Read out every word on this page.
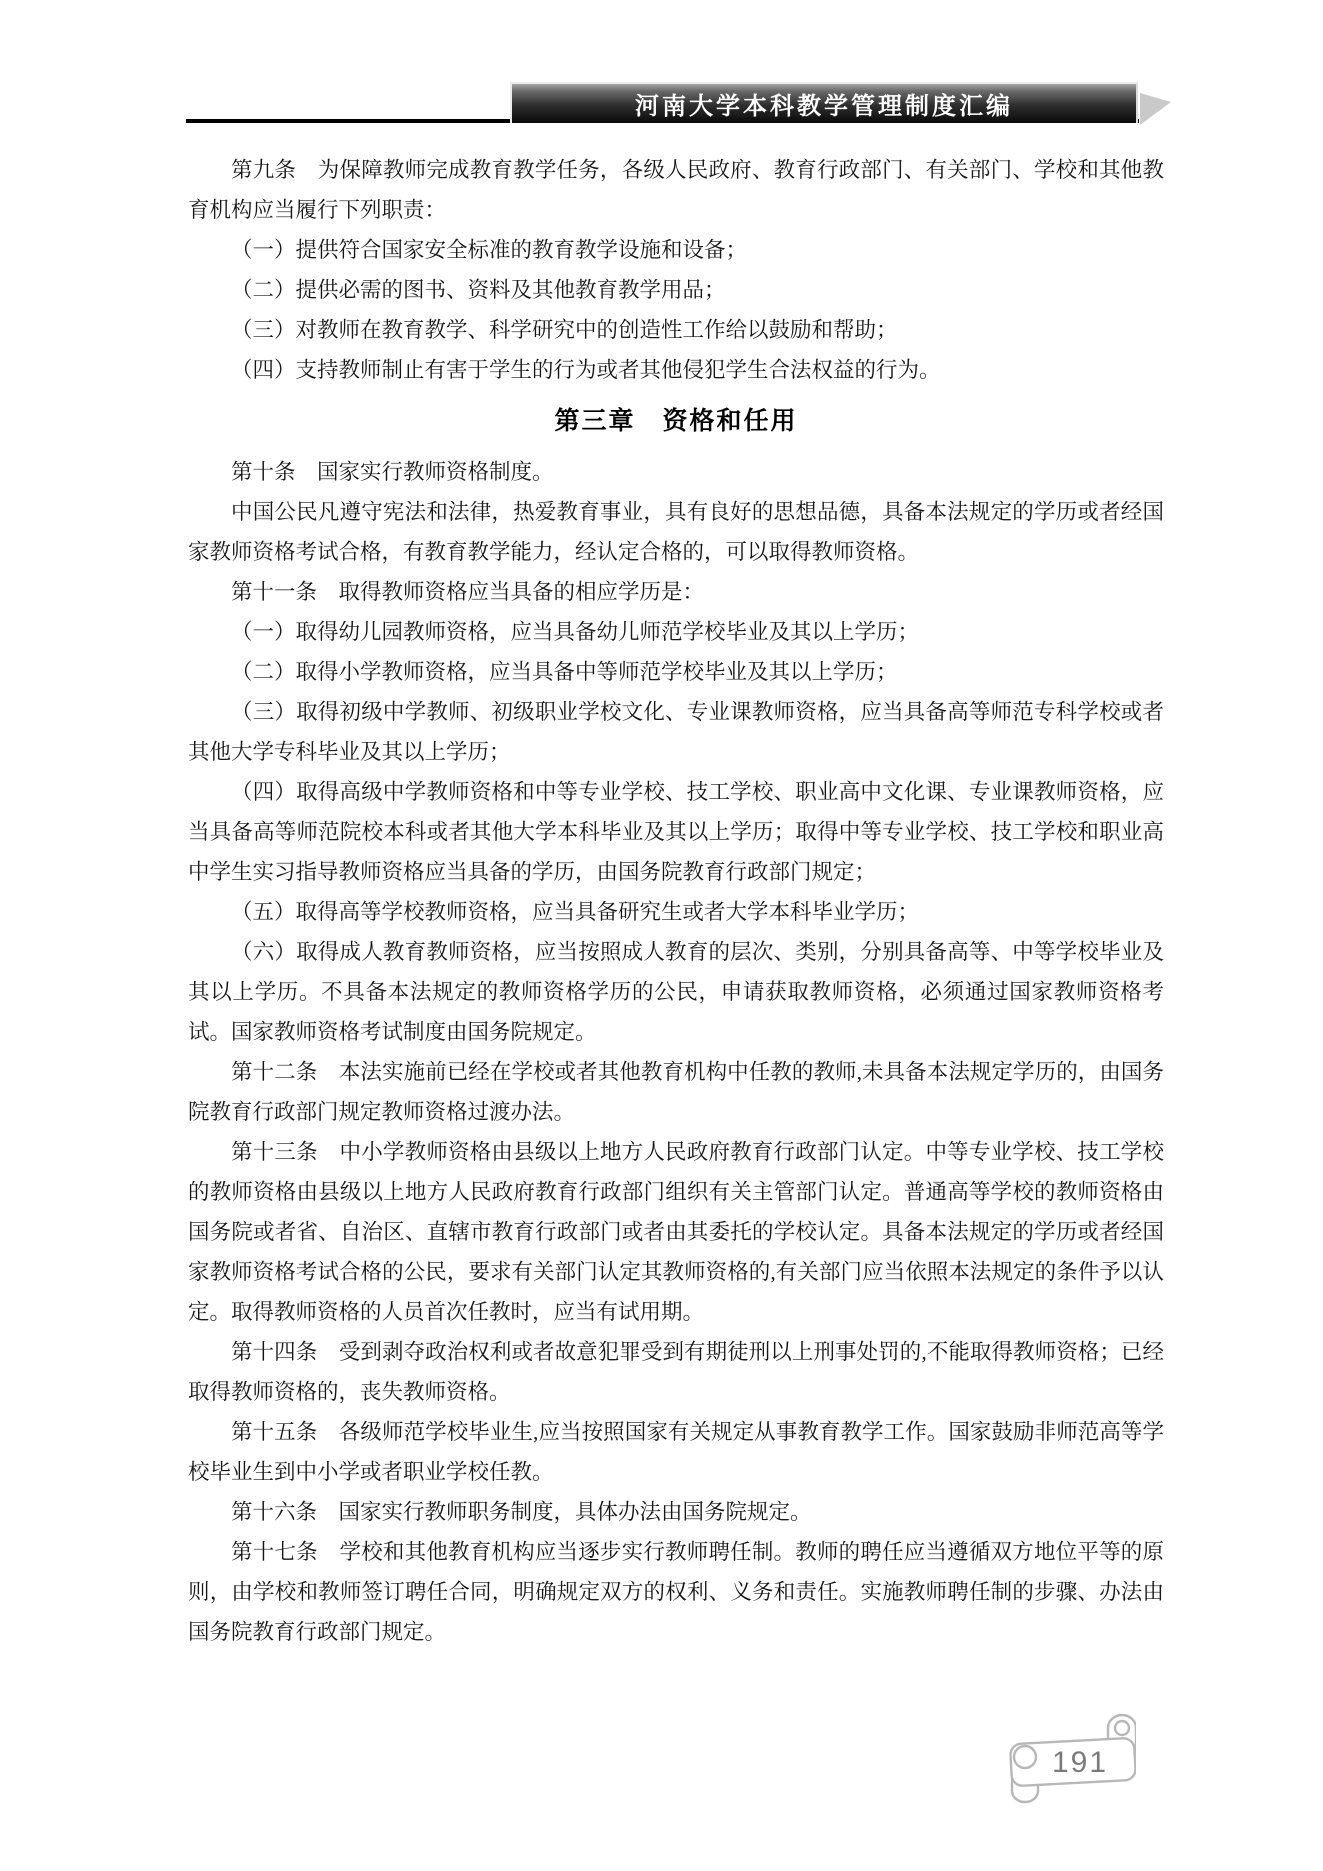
河南大学本科教学管理制度汇编

第九条　为保障教师完成教育教学任务，各级人民政府、教育行政部门、有关部门、学校和其他教育机构应当履行下列职责：

（一）提供符合国家安全标准的教育教学设施和设备；

（二）提供必需的图书、资料及其他教育教学用品；

（三）对教师在教育教学、科学研究中的创造性工作给以鼓励和帮助；

（四）支持教师制止有害于学生的行为或者其他侵犯学生合法权益的行为。

第三章　资格和任用

第十条　国家实行教师资格制度。

中国公民凡遵守宪法和法律，热爱教育事业，具有良好的思想品德，具备本法规定的学历或者经国家教师资格考试合格，有教育教学能力，经认定合格的，可以取得教师资格。

第十一条　取得教师资格应当具备的相应学历是：

（一）取得幼儿园教师资格，应当具备幼儿师范学校毕业及其以上学历；

（二）取得小学教师资格，应当具备中等师范学校毕业及其以上学历；

（三）取得初级中学教师、初级职业学校文化、专业课教师资格，应当具备高等师范专科学校或者其他大学专科毕业及其以上学历；

（四）取得高级中学教师资格和中等专业学校、技工学校、职业高中文化课、专业课教师资格，应当具备高等师范院校本科或者其他大学本科毕业及其以上学历；取得中等专业学校、技工学校和职业高中学生实习指导教师资格应当具备的学历，由国务院教育行政部门规定；

（五）取得高等学校教师资格，应当具备研究生或者大学本科毕业学历；

（六）取得成人教育教师资格，应当按照成人教育的层次、类别，分别具备高等、中等学校毕业及其以上学历。不具备本法规定的教师资格学历的公民，申请获取教师资格，必须通过国家教师资格考试。国家教师资格考试制度由国务院规定。

第十二条　本法实施前已经在学校或者其他教育机构中任教的教师,未具备本法规定学历的，由国务院教育行政部门规定教师资格过渡办法。

第十三条　中小学教师资格由县级以上地方人民政府教育行政部门认定。中等专业学校、技工学校的教师资格由县级以上地方人民政府教育行政部门组织有关主管部门认定。普通高等学校的教师资格由国务院或者省、自治区、直辖市教育行政部门或者由其委托的学校认定。具备本法规定的学历或者经国家教师资格考试合格的公民，要求有关部门认定其教师资格的,有关部门应当依照本法规定的条件予以认定。取得教师资格的人员首次任教时，应当有试用期。

第十四条　受到剥夺政治权利或者故意犯罪受到有期徒刑以上刑事处罚的,不能取得教师资格；已经取得教师资格的，丧失教师资格。

第十五条　各级师范学校毕业生,应当按照国家有关规定从事教育教学工作。国家鼓励非师范高等学校毕业生到中小学或者职业学校任教。

第十六条　国家实行教师职务制度，具体办法由国务院规定。

第十七条　学校和其他教育机构应当逐步实行教师聘任制。教师的聘任应当遵循双方地位平等的原则，由学校和教师签订聘任合同，明确规定双方的权利、义务和责任。实施教师聘任制的步骤、办法由国务院教育行政部门规定。

191
